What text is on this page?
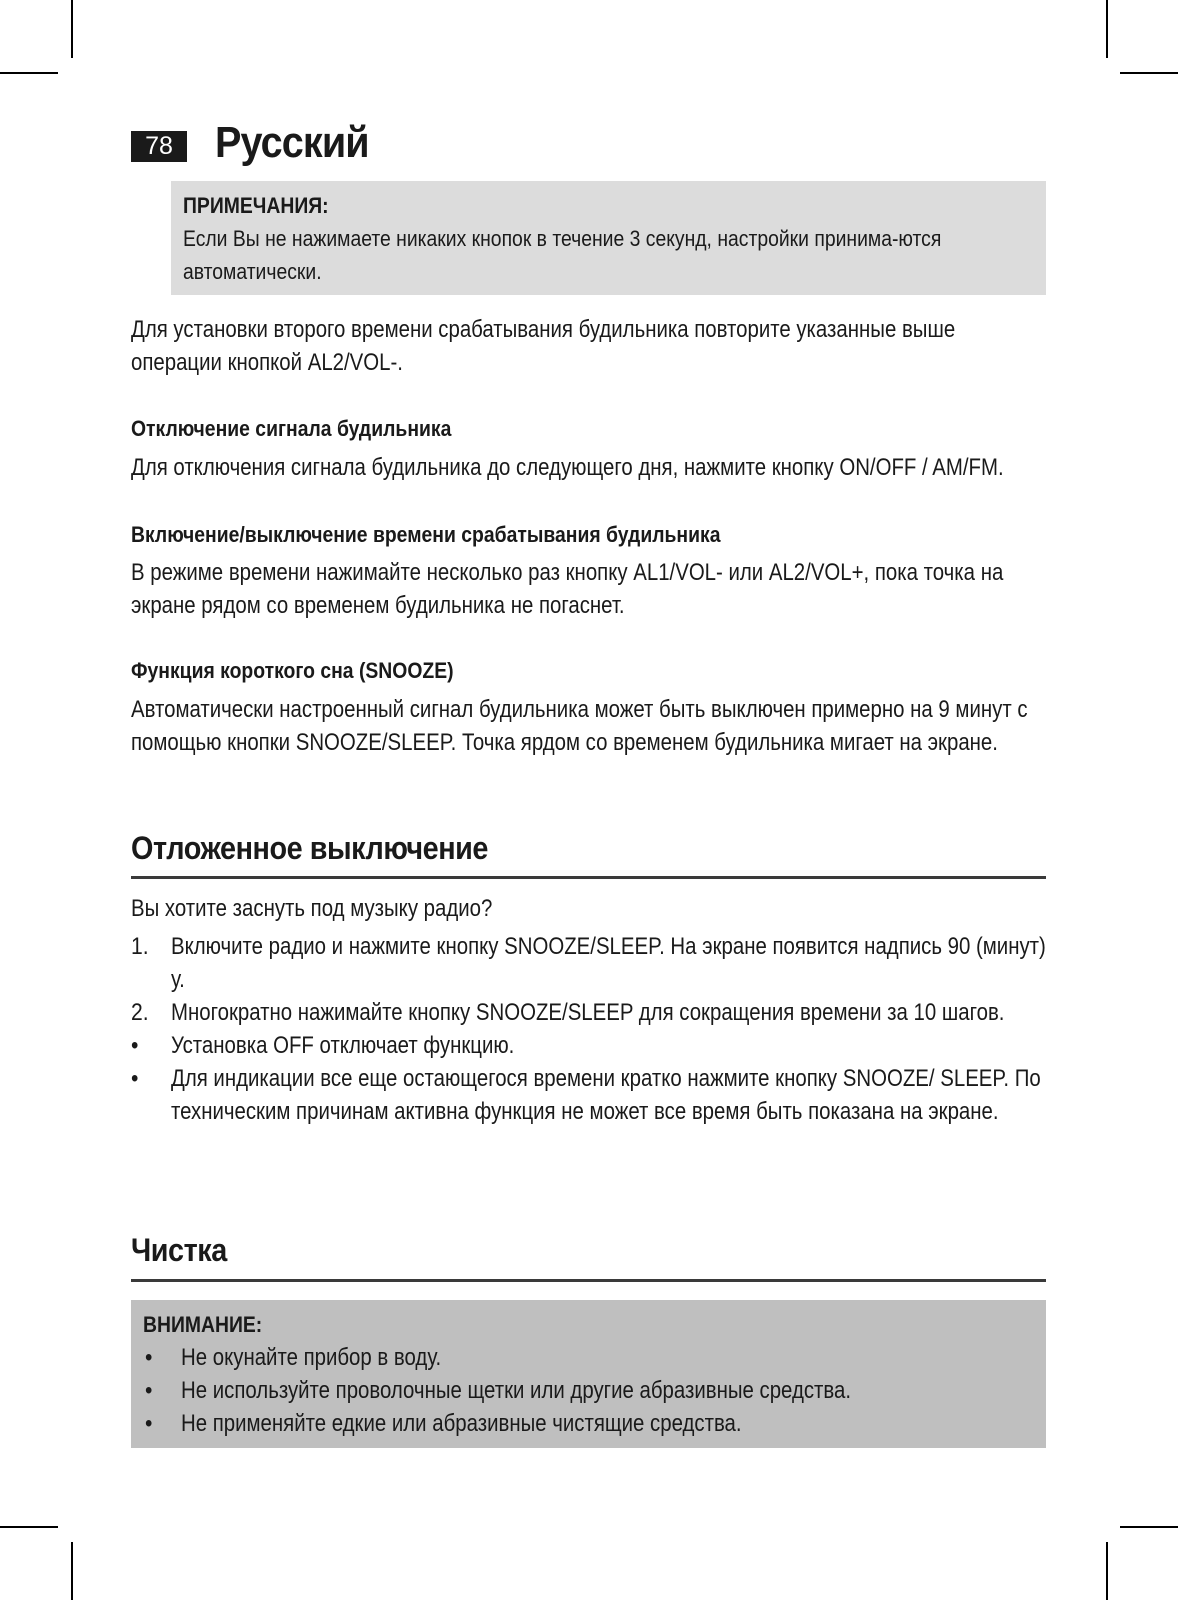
78 Русский
ПРИМЕЧАНИЯ:
Если Вы не нажимаете никаких кнопок в течение 3 секунд, настройки принима-ются автоматически.
Для установки второго времени срабатывания будильника повторите указанные выше операции кнопкой AL2/VOL-.
Отключение сигнала будильника
Для отключения сигнала будильника до следующего дня, нажмите кнопку ON/OFF / AM/FM.
Включение/выключение времени срабатывания будильника
В режиме времени нажимайте несколько раз кнопку AL1/VOL- или AL2/VOL+, пока точка на экране рядом со временем будильника не погаснет.
Функция короткого сна (SNOOZE)
Автоматически настроенный сигнал будильника может быть выключен примерно на 9 минут с помощью кнопки SNOOZE/SLEEP. Точка ярдом со временем будильника мигает на экране.
Отложенное выключение
Вы хотите заснуть под музыку радио?
1. Включите радио и нажмите кнопку SNOOZE/SLEEP. На экране появится надпись 90 (минут) у.
2. Многократно нажимайте кнопку SNOOZE/SLEEP для сокращения времени за 10 шагов.
• Установка OFF отключает функцию.
• Для индикации все еще остающегося времени кратко нажмите кнопку SNOOZE/ SLEEP. По техническим причинам активна функция не может все время быть показана на экране.
Чистка
ВНИМАНИЕ:
• Не окунайте прибор в воду.
• Не используйте проволочные щетки или другие абразивные средства.
• Не применяйте едкие или абразивные чистящие средства.
